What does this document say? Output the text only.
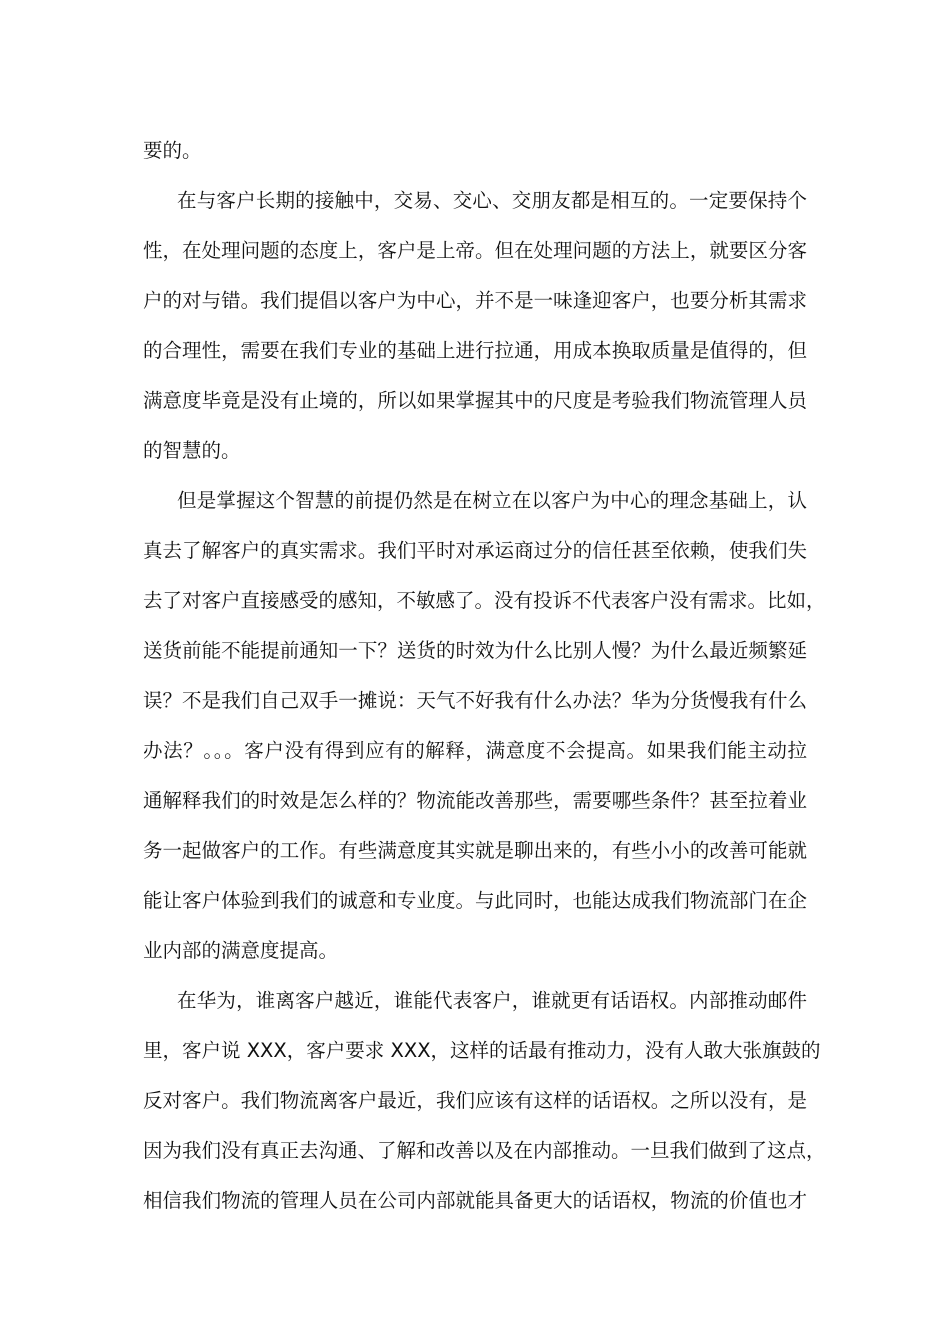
要的。
在与客户长期的接触中，交易、交心、交朋友都是相互的。一定要保持个
性，在处理问题的态度上，客户是上帝。但在处理问题的方法上，就要区分客
户的对与错。我们提倡以客户为中心，并不是一味逢迎客户，也要分析其需求
的合理性，需要在我们专业的基础上进行拉通，用成本换取质量是值得的，但
满意度毕竟是没有止境的，所以如果掌握其中的尺度是考验我们物流管理人员
的智慧的。
但是掌握这个智慧的前提仍然是在树立在以客户为中心的理念基础上，认
真去了解客户的真实需求。我们平时对承运商过分的信任甚至依赖，使我们失
去了对客户直接感受的感知，不敏感了。没有投诉不代表客户没有需求。比如，
送货前能不能提前通知一下？送货的时效为什么比别人慢？为什么最近频繁延
误？不是我们自己双手一摊说：天气不好我有什么办法？华为分货慢我有什么
办法？。。。客户没有得到应有的解释，满意度不会提高。如果我们能主动拉
通解释我们的时效是怎么样的？物流能改善那些，需要哪些条件？甚至拉着业
务一起做客户的工作。有些满意度其实就是聊出来的，有些小小的改善可能就
能让客户体验到我们的诚意和专业度。与此同时，也能达成我们物流部门在企
业内部的满意度提高。
在华为，谁离客户越近，谁能代表客户，谁就更有话语权。内部推动邮件
里，客户说 XXX，客户要求 XXX，这样的话最有推动力，没有人敢大张旗鼓的
反对客户。我们物流离客户最近，我们应该有这样的话语权。之所以没有，是
因为我们没有真正去沟通、了解和改善以及在内部推动。一旦我们做到了这点，
相信我们物流的管理人员在公司内部就能具备更大的话语权，物流的价值也才
